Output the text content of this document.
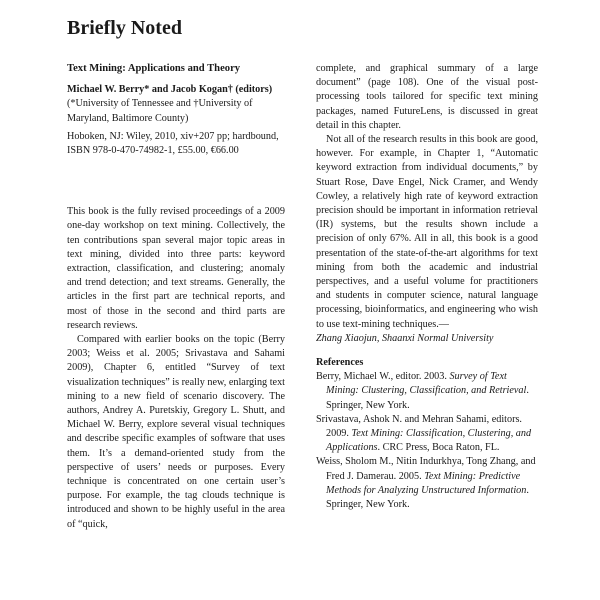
Briefly Noted

Text Mining: Applications and Theory

Michael W. Berry* and Jacob Kogan† (editors)

(*University of Tennessee and †University of Maryland, Baltimore County)

Hoboken, NJ: Wiley, 2010, xiv+207 pp; hardbound, ISBN 978-0-470-74982-1, £55.00, €66.00

This book is the fully revised proceedings of a 2009 one-day workshop on text mining. Collectively, the ten contributions span several major topic areas in text mining, divided into three parts: keyword extraction, classification, and clustering; anomaly and trend detection; and text streams. Generally, the articles in the first part are technical reports, and most of those in the second and third parts are research reviews.

Compared with earlier books on the topic (Berry 2003; Weiss et al. 2005; Srivastava and Sahami 2009), Chapter 6, entitled “Survey of text visualization techniques” is really new, enlarging text mining to a new field of scenario discovery. The authors, Andrey A. Puretskiy, Gregory L. Shutt, and Michael W. Berry, explore several visual techniques and describe specific examples of software that uses them. It’s a demand-oriented study from the perspective of users’ needs or purposes. Every technique is concentrated on one certain user’s purpose. For example, the tag clouds technique is introduced and shown to be highly useful in the area of “quick,

complete, and graphical summary of a large document” (page 108). One of the visual post-processing tools tailored for specific text mining packages, named FutureLens, is discussed in great detail in this chapter.

Not all of the research results in this book are good, however. For example, in Chapter 1, “Automatic keyword extraction from individual documents,” by Stuart Rose, Dave Engel, Nick Cramer, and Wendy Cowley, a relatively high rate of keyword extraction precision should be important in information retrieval (IR) systems, but the results shown include a precision of only 67%. All in all, this book is a good presentation of the state-of-the-art algorithms for text mining from both the academic and industrial perspectives, and a useful volume for practitioners and students in computer science, natural language processing, bioinformatics, and engineering who wish to use text-mining techniques.—

Zhang Xiaojun, Shaanxi Normal University

References

Berry, Michael W., editor. 2003. Survey of Text Mining: Clustering, Classification, and Retrieval. Springer, New York.

Srivastava, Ashok N. and Mehran Sahami, editors. 2009. Text Mining: Classification, Clustering, and Applications. CRC Press, Boca Raton, FL.

Weiss, Sholom M., Nitin Indurkhya, Tong Zhang, and Fred J. Damerau. 2005. Text Mining: Predictive Methods for Analyzing Unstructured Information. Springer, New York.
